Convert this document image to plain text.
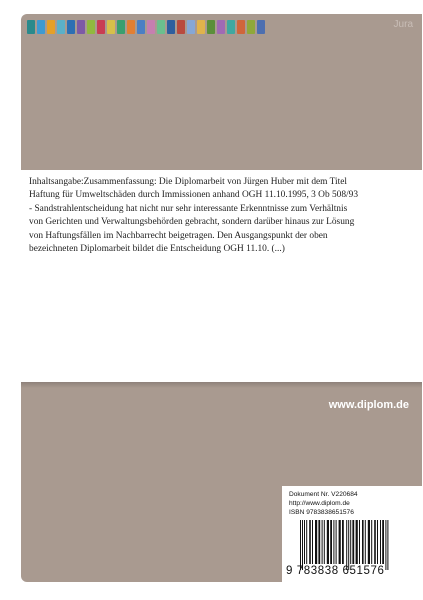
Jura
Inhaltsangabe:Zusammenfassung: Die Diplomarbeit von Jürgen Huber mit dem Titel
Haftung für Umweltschäden durch Immissionen anhand OGH 11.10.1995, 3 Ob 508/93
- Sandstrahlentscheidung hat nicht nur sehr interessante Erkenntnisse zum Verhältnis
von Gerichten und Verwaltungsbehörden gebracht, sondern darüber hinaus zur Lösung
von Haftungsfällen im Nachbarrecht beigetragen. Den Ausgangspunkt der oben
bezeichneten Diplomarbeit bildet die Entscheidung OGH 11.10. (...)
www.diplom.de
Dokument Nr. V220684
http://www.diplom.de
ISBN 9783838651576
9 783838 651576
